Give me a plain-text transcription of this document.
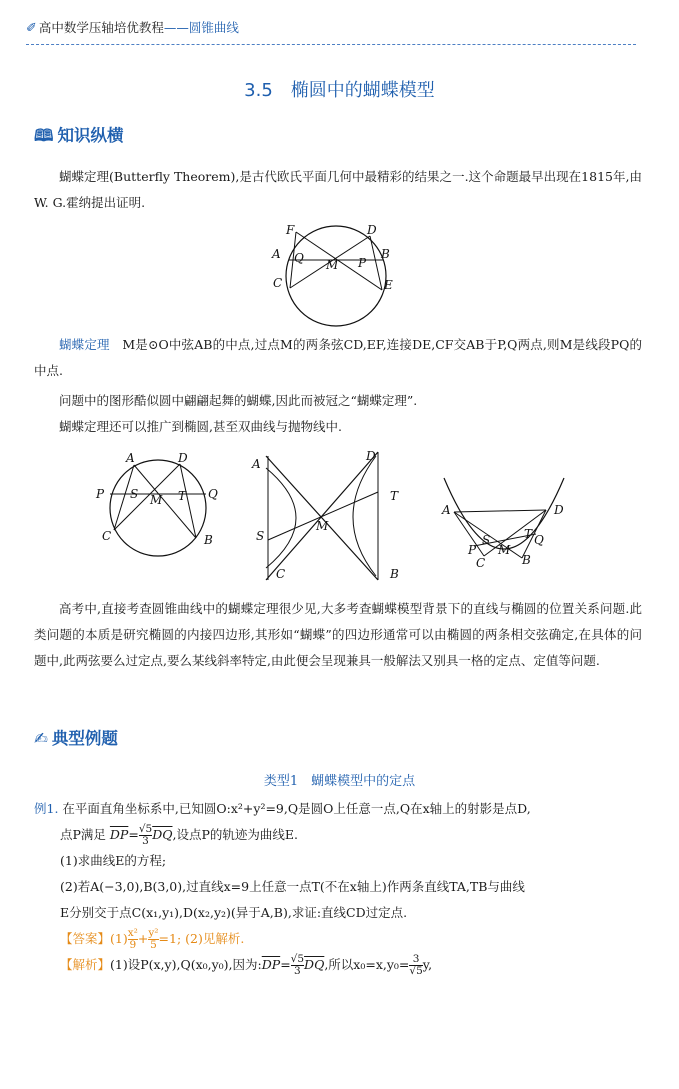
✐ 高中数学压轴培优教程——圆锥曲线
3.5　椭圆中的蝴蝶模型
🕮 知识纵横
蝴蝶定理(Butterfly Theorem),是古代欧氏平面几何中最精彩的结果之一.这个命题最早出现在1815年,由W. G.霍纳提出证明.
F	D
A Q M P
B
C	E
蝴蝶定理　 M是⊙O中弦AB的中点,过点M的两条弦CD,EF,连接DE,CF交AB于P,Q两点,则M是线段PQ的中点.
问题中的图形酷似圆中翩翩起舞的蝴蝶,因此而被冠之“蝴蝶定理”.
蝴蝶定理还可以推广到椭圆,甚至双曲线与抛物线中.
A	D
P S M T Q
C	B
A
D
T
S
M
C	B
A	D
T
S
P M
Q
C	B
高考中,直接考查圆锥曲线中的蝴蝶定理很少见,大多考查蝴蝶模型背景下的直线与椭圆的位置关系问题.此类问题的本质是研究椭圆的内接四边形,其形如“蝴蝶”的四边形通常可以由椭圆的两条相交弦确定,在具体的问题中,此两弦要么过定点,要么某线斜率特定,由此便会呈现兼具一般解法又别具一格的定点、定值等问题.
✍ 典型例题
类型1　蝴蝶模型中的定点
例1. 在平面直角坐标系中,已知圆O:x²+y²=9,Q是圆O上任意一点,Q在x轴上的射影是点D,
点P满足 $\overline{DP}= \frac{√5}{3} \overline{DQ}$,设点P的轨迹为曲线E.
(1)求曲线E的方程;
(2)若A(−3,0),B(3,0),过直线x=9上任意一点T(不在x轴上)作两条直线TA,TB与曲线
E分别交于点C(x₁,y₁),D(x₂,y₂)(异于A,B),求证:直线CD过定点.
【答案】$(1) \frac{\text{x²}}{9} + \frac{\text{y²}}{5} =1$; (2)见解析.
【解析】(1)设P(x,y),Q(x₀,y₀),因为$:\overline{DP}= \frac{√5}{3} \overline{DQ}$,所以$x_0=x,y_0= \frac{3}{√5} y$,
